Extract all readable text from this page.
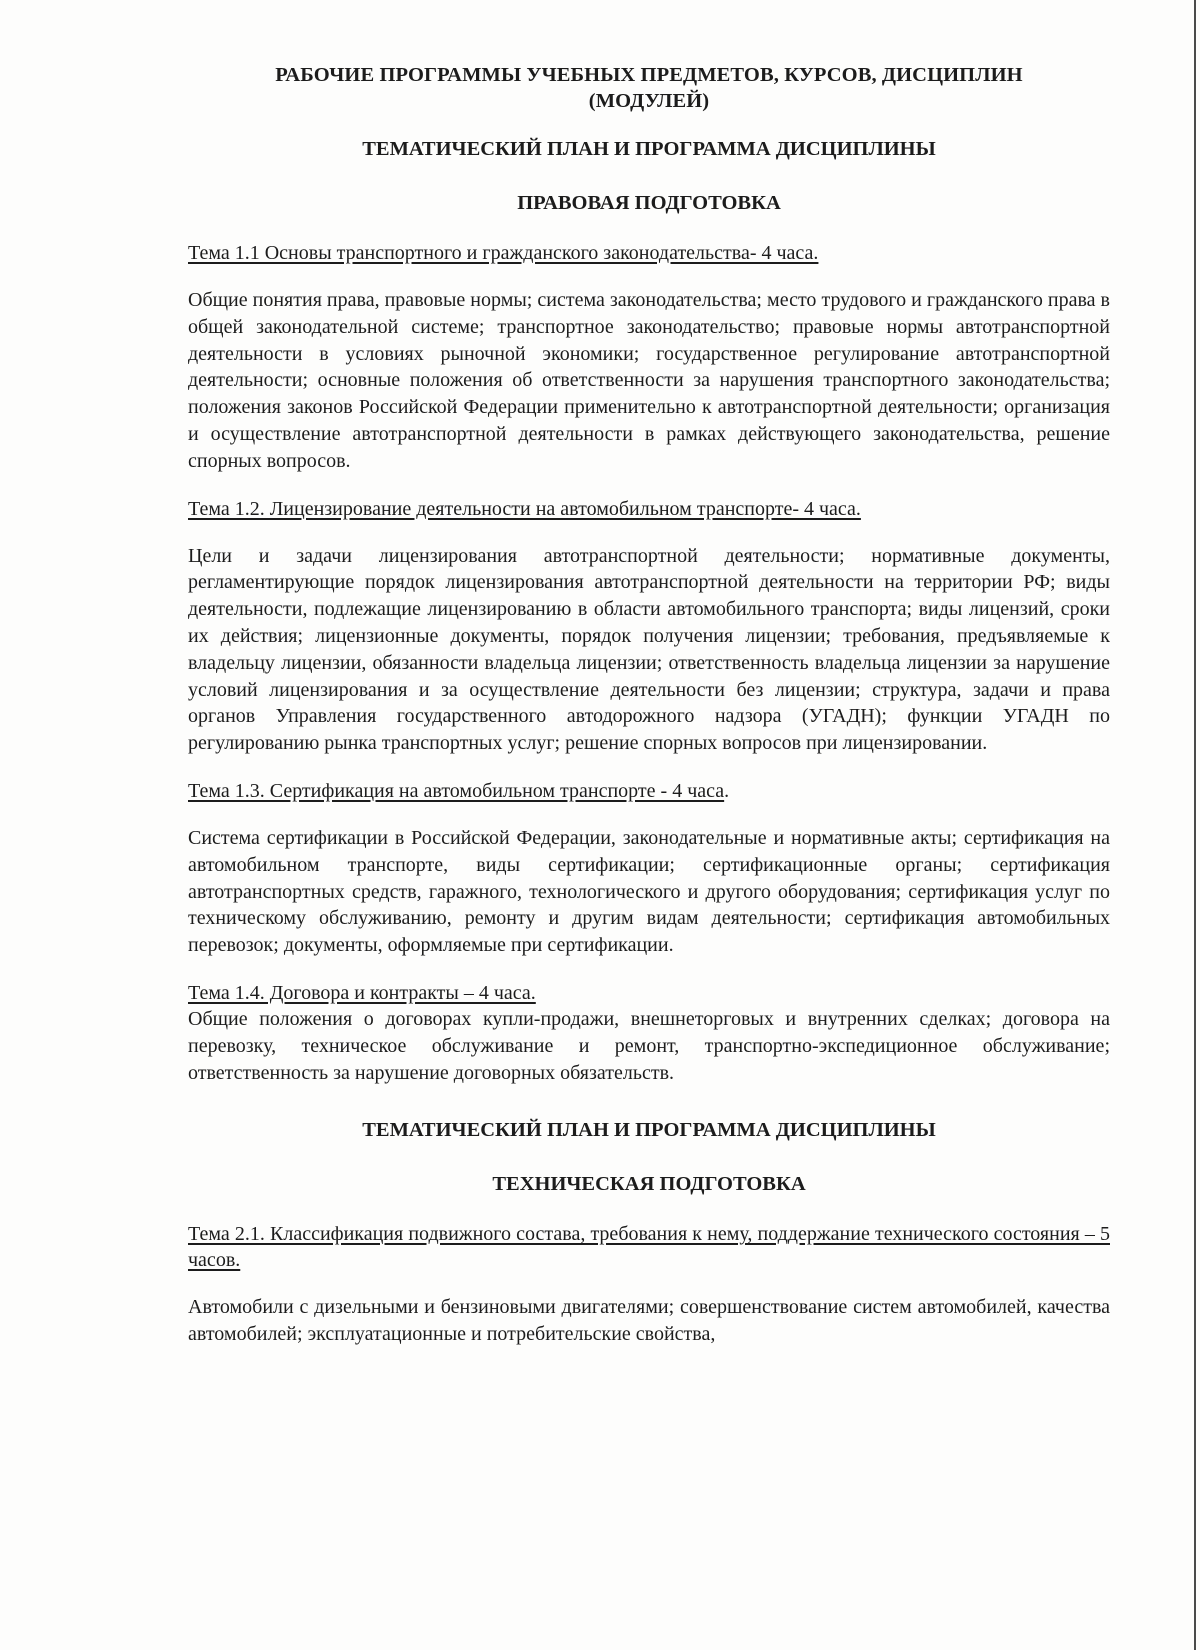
РАБОЧИЕ ПРОГРАММЫ УЧЕБНЫХ ПРЕДМЕТОВ, КУРСОВ, ДИСЦИПЛИН
(МОДУЛЕЙ)
ТЕМАТИЧЕСКИЙ ПЛАН И ПРОГРАММА ДИСЦИПЛИНЫ
ПРАВОВАЯ ПОДГОТОВКА

Тема 1.1 Основы транспортного и гражданского законодательства- 4 часа.

Общие понятия права, правовые нормы; система законодательства; место трудового и гражданского права в общей законодательной системе; транспортное законодательство; правовые нормы автотранспортной деятельности в условиях рыночной экономики; государственное регулирование автотранспортной деятельности; основные положения об ответственности за нарушения транспортного законодательства; положения законов Российской Федерации применительно к автотранспортной деятельности; организация и осуществление автотранспортной деятельности в рамках действующего законодательства, решение спорных вопросов.

Тема 1.2. Лицензирование деятельности на автомобильном транспорте- 4 часа.

Цели и задачи лицензирования автотранспортной деятельности; нормативные документы, регламентирующие порядок лицензирования автотранспортной деятельности на территории РФ; виды деятельности, подлежащие лицензированию в области автомобильного транспорта; виды лицензий, сроки их действия; лицензионные документы, порядок получения лицензии; требования, предъявляемые к владельцу лицензии, обязанности владельца лицензии; ответственность владельца лицензии за нарушение условий лицензирования и за осуществление деятельности без лицензии; структура, задачи и права органов Управления государственного автодорожного надзора (УГАДН); функции УГАДН по регулированию рынка транспортных услуг; решение спорных вопросов при лицензировании.

Тема 1.3. Сертификация на автомобильном транспорте - 4 часа.

Система сертификации в Российской Федерации, законодательные и нормативные акты; сертификация на автомобильном транспорте, виды сертификации; сертификационные органы; сертификация автотранспортных средств, гаражного, технологического и другого оборудования; сертификация услуг по техническому обслуживанию, ремонту и другим видам деятельности; сертификация автомобильных перевозок; документы, оформляемые при сертификации.

Тема 1.4. Договора и контракты – 4 часа.

Общие положения о договорах купли-продажи, внешнеторговых и внутренних сделках; договора на перевозку, техническое обслуживание и ремонт, транспортно-экспедиционное обслуживание; ответственность за нарушение договорных обязательств.

ТЕМАТИЧЕСКИЙ ПЛАН И ПРОГРАММА ДИСЦИПЛИНЫ
ТЕХНИЧЕСКАЯ ПОДГОТОВКА

Тема 2.1. Классификация подвижного состава, требования к нему, поддержание технического состояния – 5 часов.

Автомобили с дизельными и бензиновыми двигателями; совершенствование систем автомобилей, качества автомобилей; эксплуатационные и потребительские свойства,
